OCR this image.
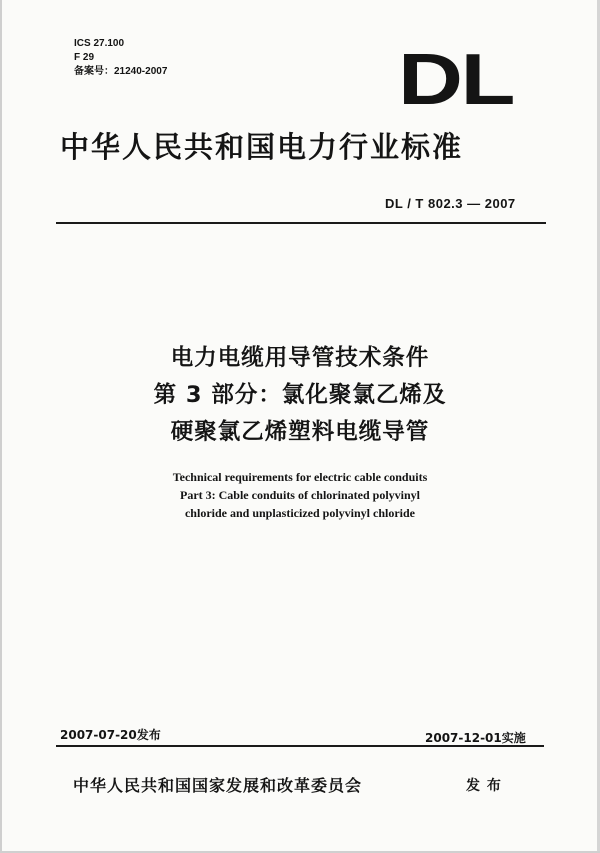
ICS 27.100
F 29
备案号：21240-2007	DL
中华人民共和国电力行业标准
DL / T 802.3 — 2007
电力电缆用导管技术条件
第 3 部分：氯化聚氯乙烯及
硬聚氯乙烯塑料电缆导管
Technical requirements for electric cable conduits
Part 3: Cable conduits of chlorinated polyvinyl
chloride and unplasticized polyvinyl chloride
2007-07-20发布	2007-12-01实施
中华人民共和国国家发展和改革委员会	发 布
